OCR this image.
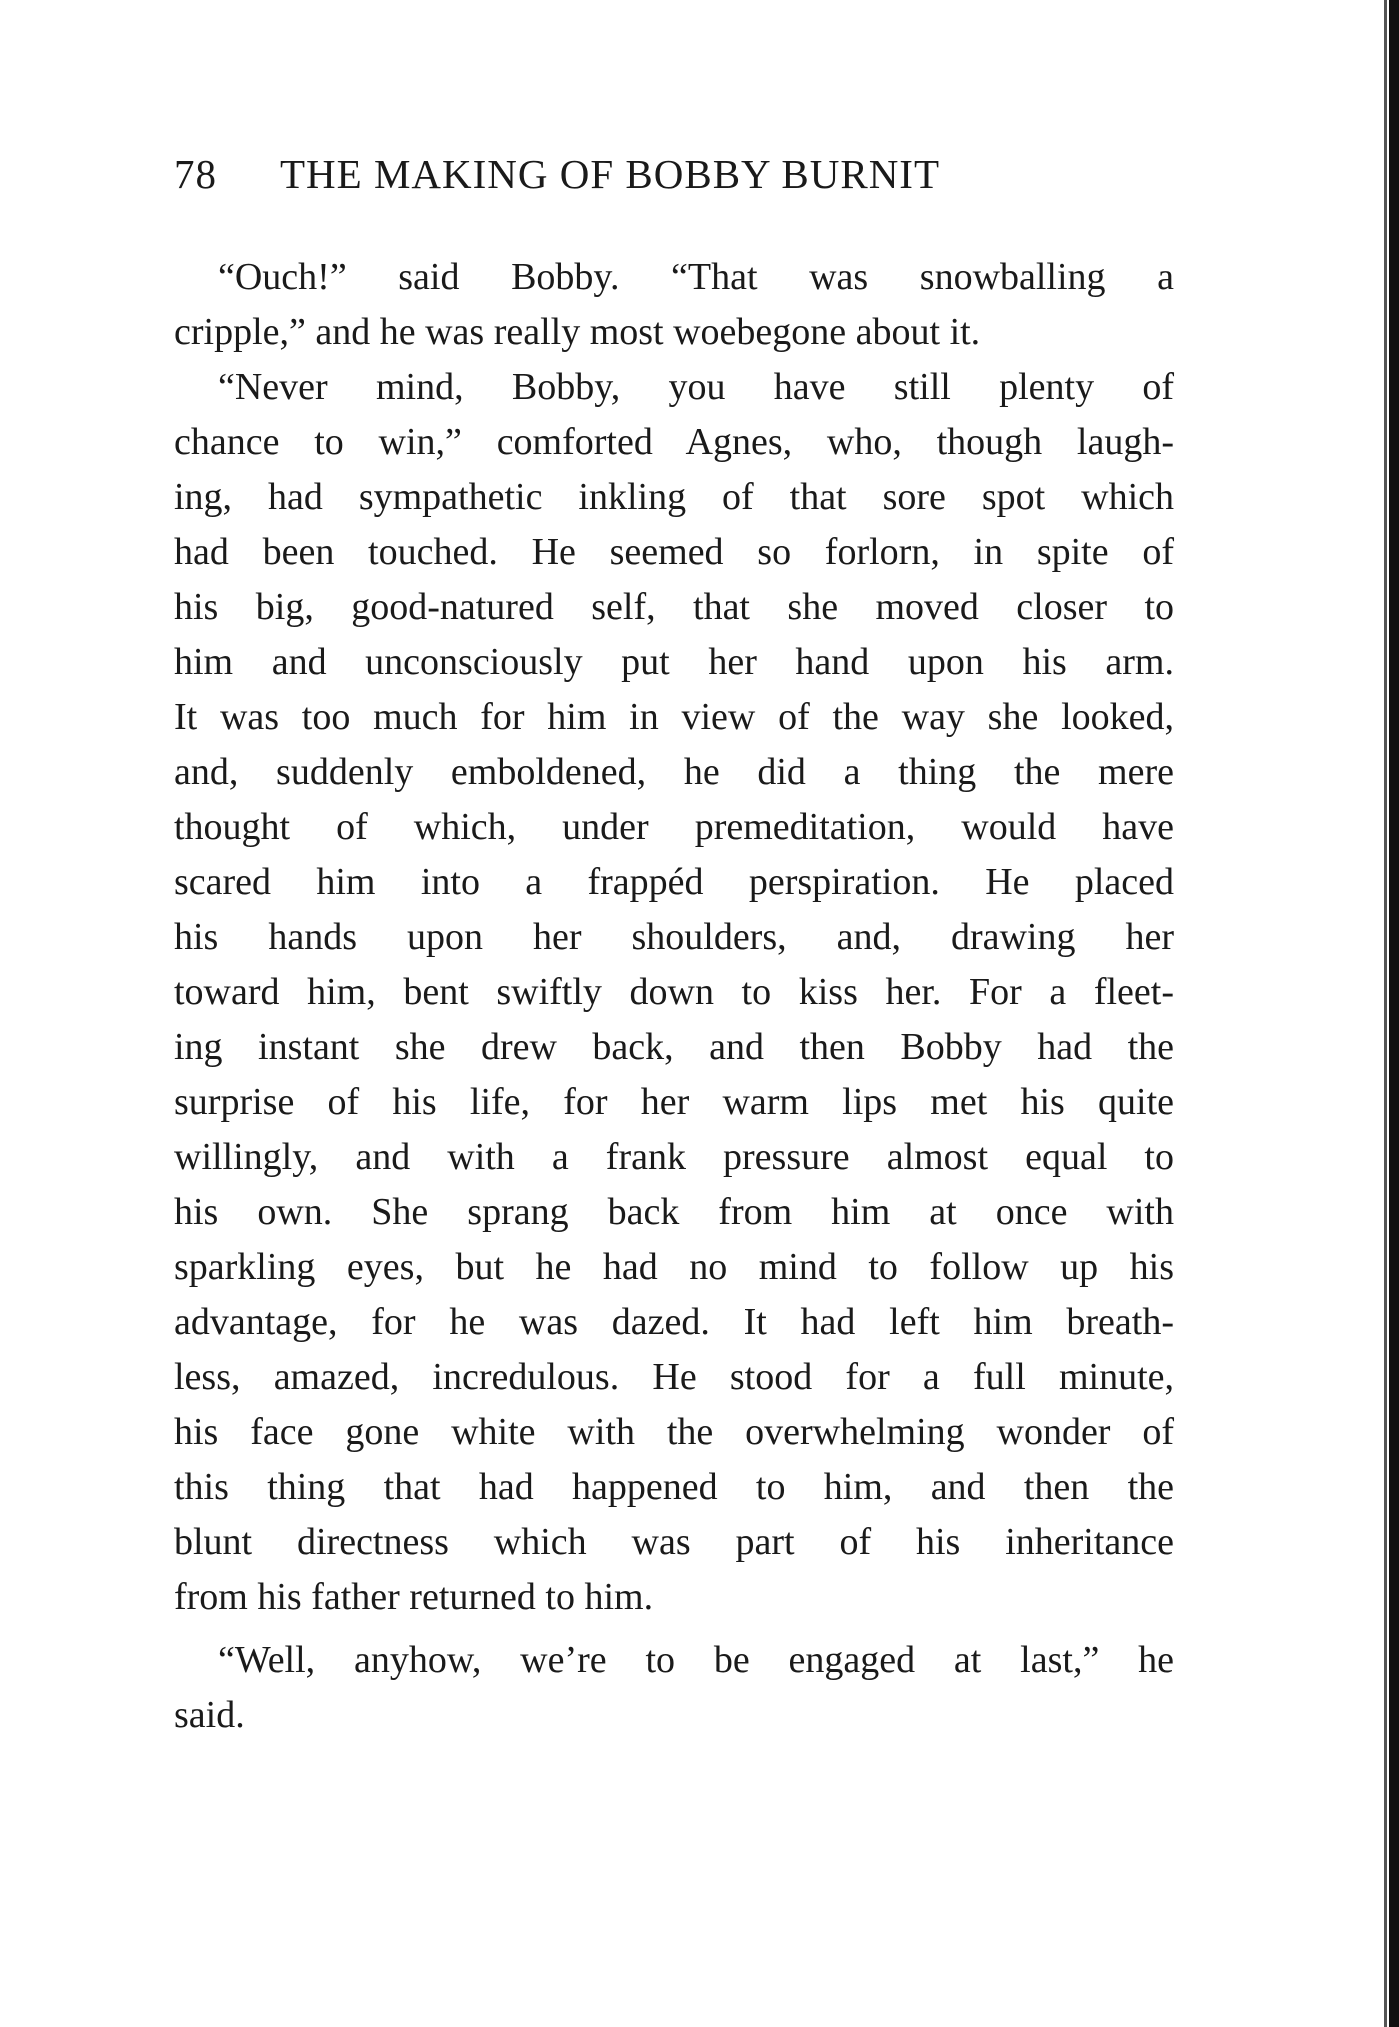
78 THE MAKING OF BOBBY BURNIT
“Ouch!” said Bobby. “That was snowballing a
cripple,” and he was really most woebegone about it.
“Never mind, Bobby, you have still plenty of
chance to win,” comforted Agnes, who, though laugh-
ing, had sympathetic inkling of that sore spot which
had been touched. He seemed so forlorn, in spite of
his big, good-natured self, that she moved closer to
him and unconsciously put her hand upon his arm.
It was too much for him in view of the way she looked,
and, suddenly emboldened, he did a thing the mere
thought of which, under premeditation, would have
scared him into a frappéd perspiration. He placed
his hands upon her shoulders, and, drawing her
toward him, bent swiftly down to kiss her. For a fleet-
ing instant she drew back, and then Bobby had the
surprise of his life, for her warm lips met his quite
willingly, and with a frank pressure almost equal to
his own. She sprang back from him at once with
sparkling eyes, but he had no mind to follow up his
advantage, for he was dazed. It had left him breath-
less, amazed, incredulous. He stood for a full minute,
his face gone white with the overwhelming wonder of
this thing that had happened to him, and then the
blunt directness which was part of his inheritance
from his father returned to him.
“Well, anyhow, we’re to be engaged at last,” he
said.
